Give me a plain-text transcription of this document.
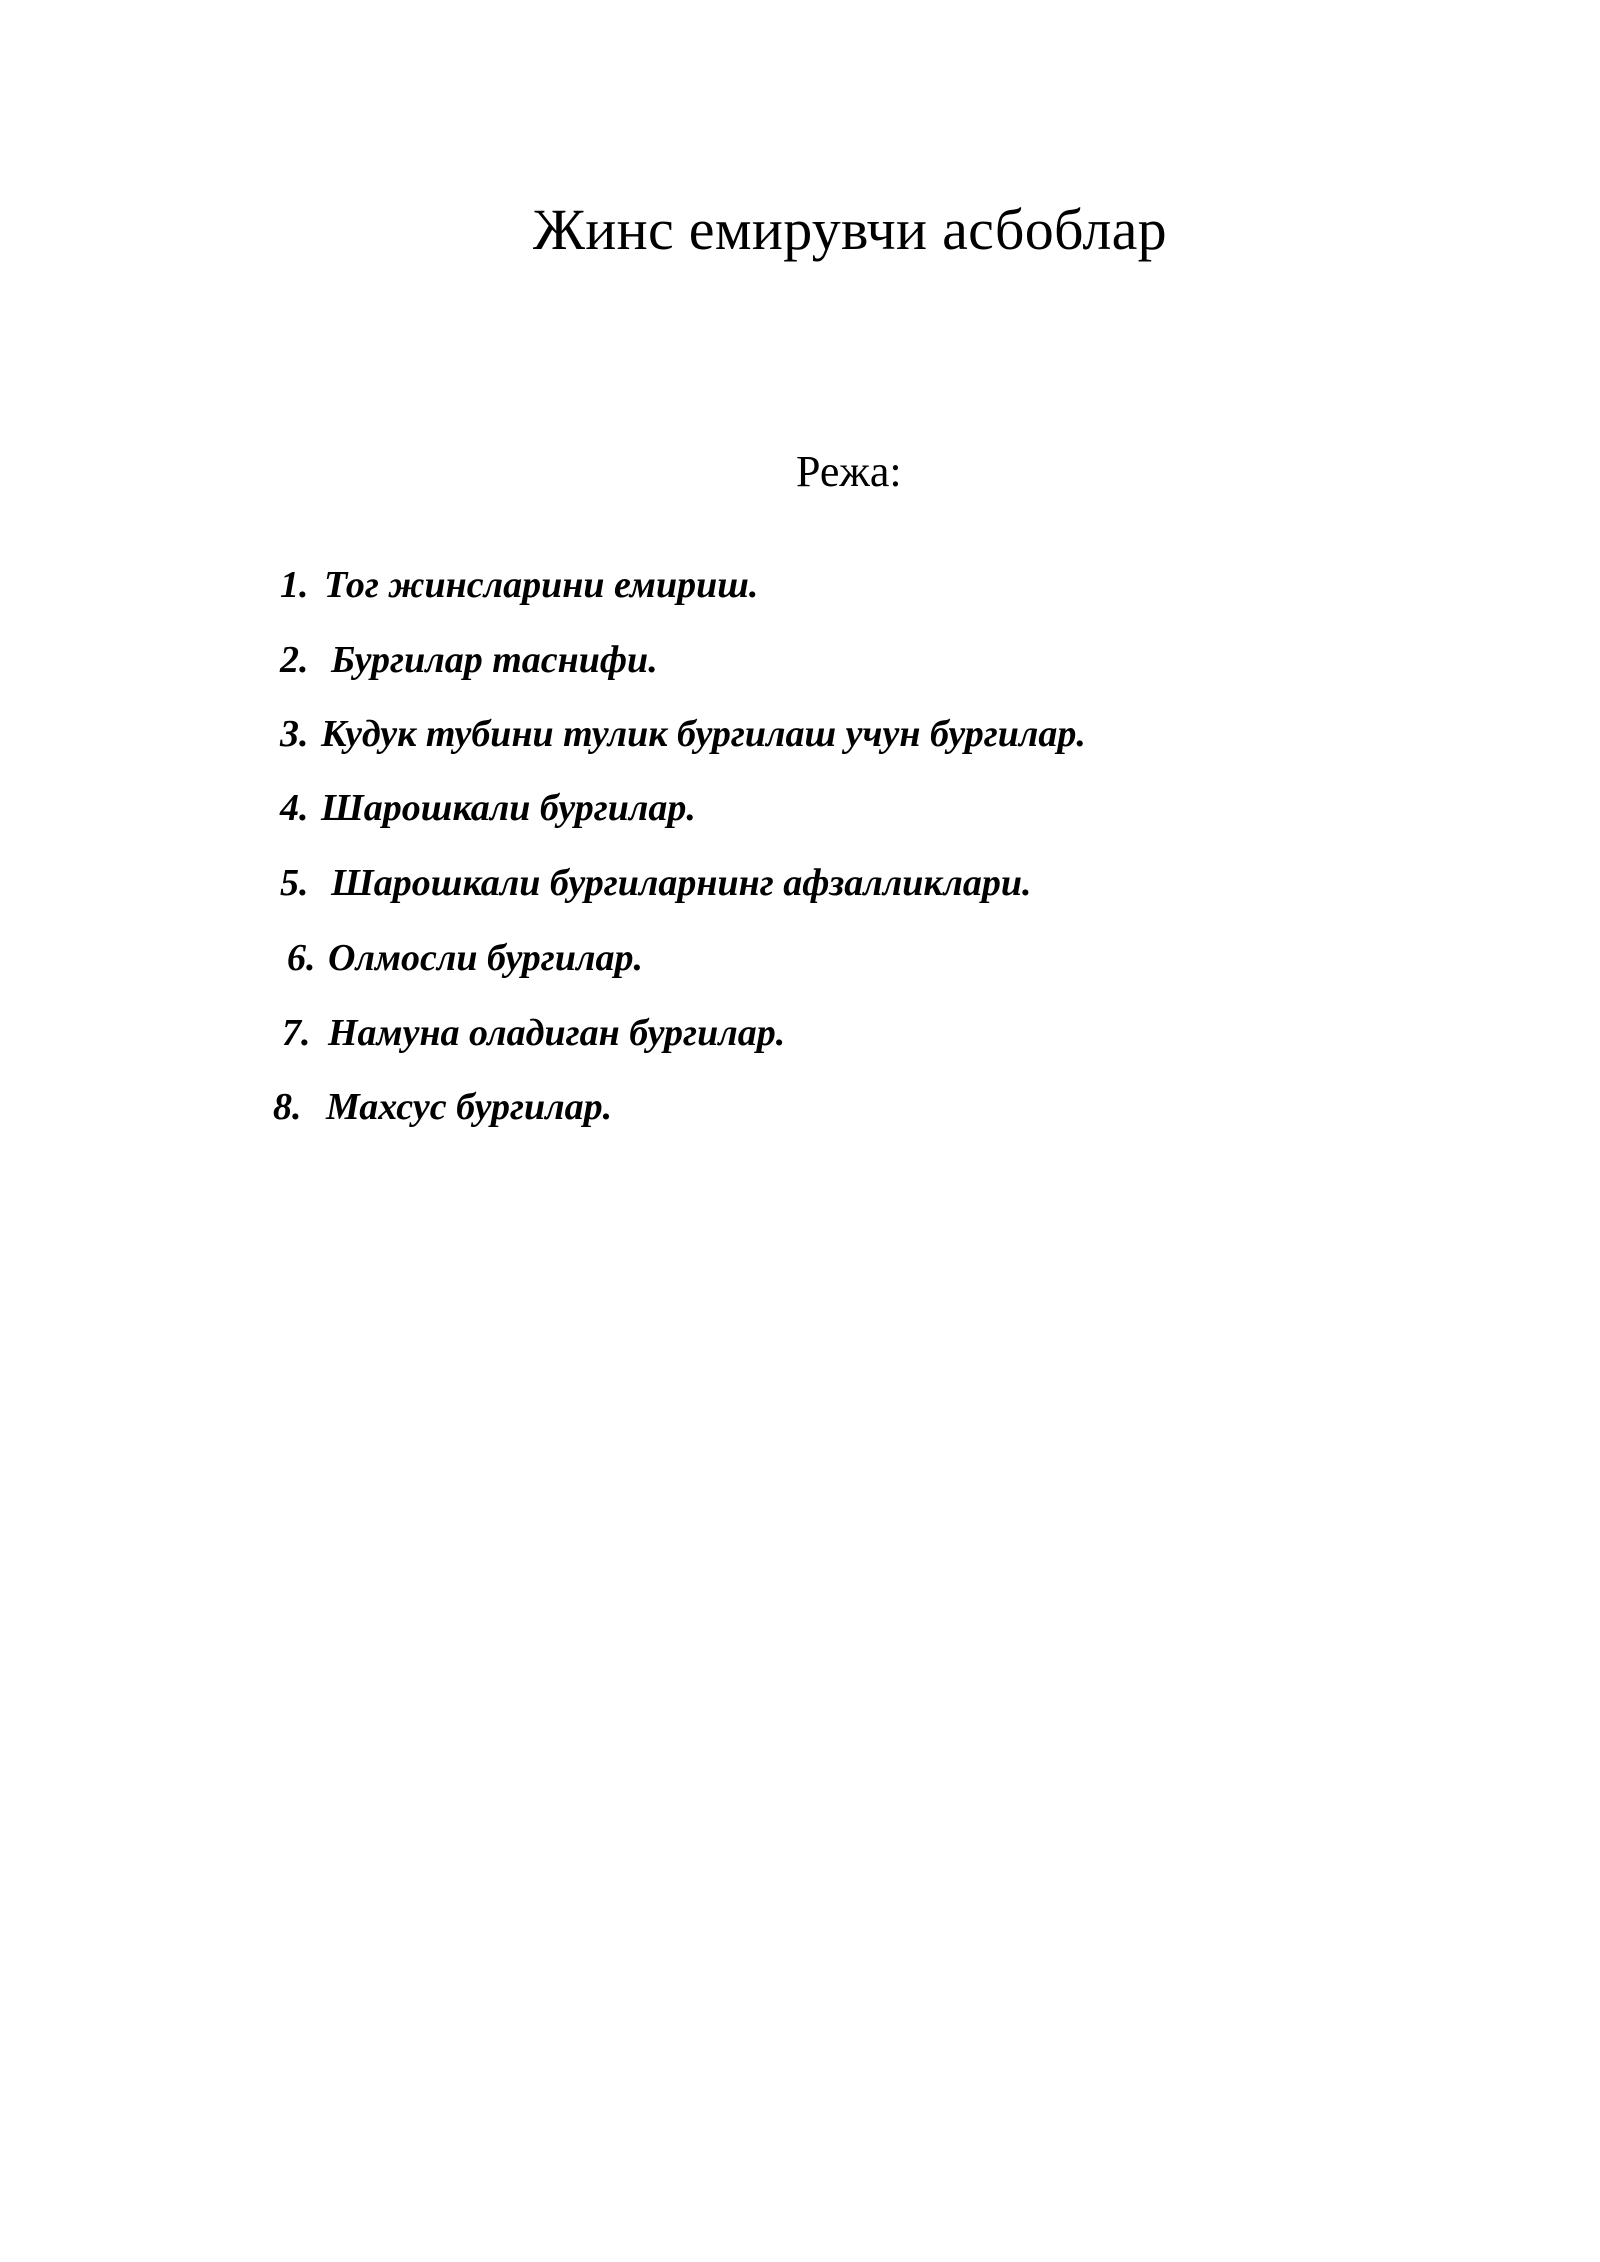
Жинс емирувчи асбоблар
Режа:
1. Тог жинсларини емириш.
2. Бургилар таснифи.
3. Кудук тубини тулик бургилаш учун бургилар.
4. Шарошкали бургилар.
5. Шарошкали бургиларнинг афзалликлари.
6. Олмосли бургилар.
7. Намуна оладиган бургилар.
8. Махсус бургилар.
